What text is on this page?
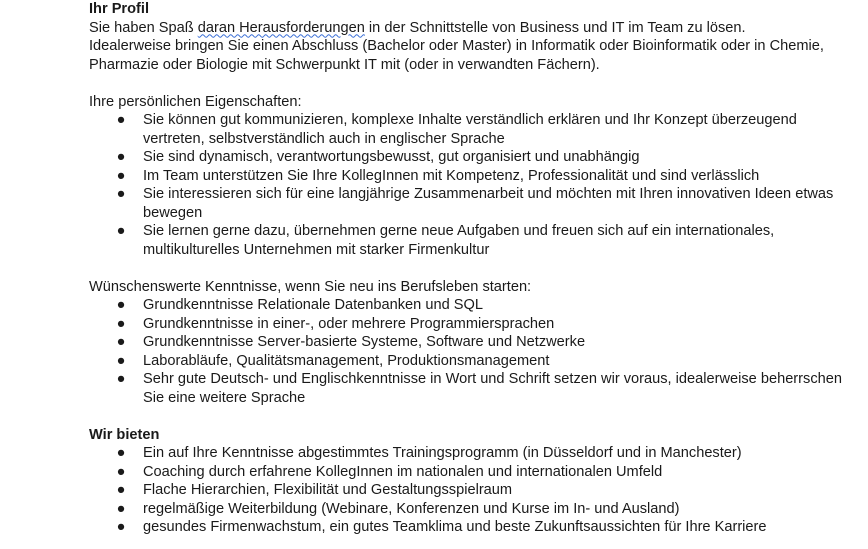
Ihr Profil

Sie haben Spaß daran Herausforderungen in der Schnittstelle von Business und IT im Team zu lösen.
Idealerweise bringen Sie einen Abschluss (Bachelor oder Master) in Informatik oder Bioinformatik oder in Chemie, Pharmazie oder Biologie mit Schwerpunkt IT mit (oder in verwandten Fächern).

Ihre persönlichen Eigenschaften:

● Sie können gut kommunizieren, komplexe Inhalte verständlich erklären und Ihr Konzept überzeugend vertreten, selbstverständlich auch in englischer Sprache
● Sie sind dynamisch, verantwortungsbewusst, gut organisiert und unabhängig
● Im Team unterstützen Sie Ihre KollegInnen mit Kompetenz, Professionalität und sind verlässlich
● Sie interessieren sich für eine langjährige Zusammenarbeit und möchten mit Ihren innovativen Ideen etwas bewegen
● Sie lernen gerne dazu, übernehmen gerne neue Aufgaben und freuen sich auf ein internationales, multikulturelles Unternehmen mit starker Firmenkultur

Wünschenswerte Kenntnisse, wenn Sie neu ins Berufsleben starten:

● Grundkenntnisse Relationale Datenbanken und SQL
● Grundkenntnisse in einer-, oder mehrere Programmiersprachen
● Grundkenntnisse Server-basierte Systeme, Software und Netzwerke
● Laborabläufe, Qualitätsmanagement, Produktionsmanagement
● Sehr gute Deutsch- und Englischkenntnisse in Wort und Schrift setzen wir voraus, idealerweise beherrschen Sie eine weitere Sprache
Wir bieten
● Ein auf Ihre Kenntnisse abgestimmtes Trainingsprogramm (in Düsseldorf und in Manchester)
● Coaching durch erfahrene KollegInnen im nationalen und internationalen Umfeld
● Flache Hierarchien, Flexibilität und Gestaltungsspielraum
● regelmäßige Weiterbildung (Webinare, Konferenzen und Kurse im In- und Ausland)
● gesundes Firmenwachstum, ein gutes Teamklima und beste Zukunftsaussichten für Ihre Karriere
